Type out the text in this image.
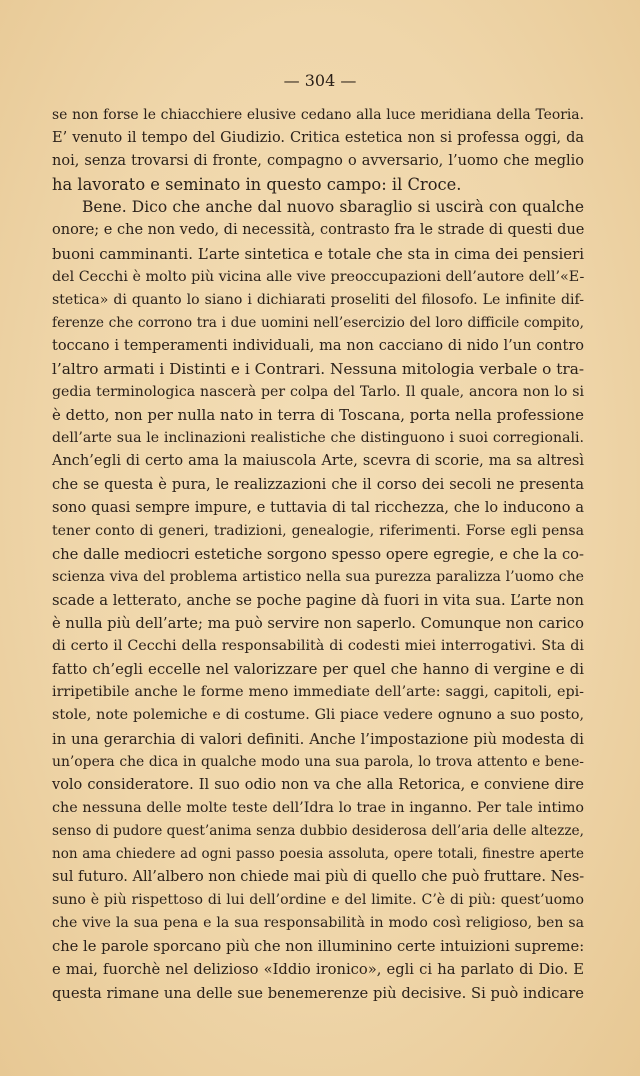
— 304 —
se non forse le chiacchiere elusive cedano alla luce meridiana della Teoria.
E’ venuto il tempo del Giudizio. Critica estetica non si professa oggi, da
noi, senza trovarsi di fronte, compagno o avversario, l’uomo che meglio
ha lavorato e seminato in questo campo: il Croce.
Bene. Dico che anche dal nuovo sbaraglio si uscirà con qualche
onore; e che non vedo, di necessità, contrasto fra le strade di questi due
buoni camminanti. L’arte sintetica e totale che sta in cima dei pensieri
del Cecchi è molto più vicina alle vive preoccupazioni dell’autore dell’«E-
stetica» di quanto lo siano i dichiarati proseliti del filosofo. Le infinite dif-
ferenze che corrono tra i due uomini nell’esercizio del loro difficile compito,
toccano i temperamenti individuali, ma non cacciano di nido l’un contro
l’altro armati i Distinti e i Contrari. Nessuna mitologia verbale o tra-
gedia terminologica nascerà per colpa del Tarlo. Il quale, ancora non lo si
è detto, non per nulla nato in terra di Toscana, porta nella professione
dell’arte sua le inclinazioni realistiche che distinguono i suoi corregionali.
Anch’egli di certo ama la maiuscola Arte, scevra di scorie, ma sa altresì
che se questa è pura, le realizzazioni che il corso dei secoli ne presenta
sono quasi sempre impure, e tuttavia di tal ricchezza, che lo inducono a
tener conto di generi, tradizioni, genealogie, riferimenti. Forse egli pensa
che dalle mediocri estetiche sorgono spesso opere egregie, e che la co-
scienza viva del problema artistico nella sua purezza paralizza l’uomo che
scade a letterato, anche se poche pagine dà fuori in vita sua. L’arte non
è nulla più dell’arte; ma può servire non saperlo. Comunque non carico
di certo il Cecchi della responsabilità di codesti miei interrogativi. Sta di
fatto ch’egli eccelle nel valorizzare per quel che hanno di vergine e di
irripetibile anche le forme meno immediate dell’arte: saggi, capitoli, epi-
stole, note polemiche e di costume. Gli piace vedere ognuno a suo posto,
in una gerarchia di valori definiti. Anche l’impostazione più modesta di
un’opera che dica in qualche modo una sua parola, lo trova attento e bene-
volo consideratore. Il suo odio non va che alla Retorica, e conviene dire
che nessuna delle molte teste dell’Idra lo trae in inganno. Per tale intimo
senso di pudore quest’anima senza dubbio desiderosa dell’aria delle altezze,
non ama chiedere ad ogni passo poesia assoluta, opere totali, finestre aperte
sul futuro. All’albero non chiede mai più di quello che può fruttare. Nes-
suno è più rispettoso di lui dell’ordine e del limite. C’è di più: quest’uomo
che vive la sua pena e la sua responsabilità in modo così religioso, ben sa
che le parole sporcano più che non illuminino certe intuizioni supreme:
e mai, fuorchè nel delizioso «Iddio ironico», egli ci ha parlato di Dio. E
questa rimane una delle sue benemerenze più decisive. Si può indicare
